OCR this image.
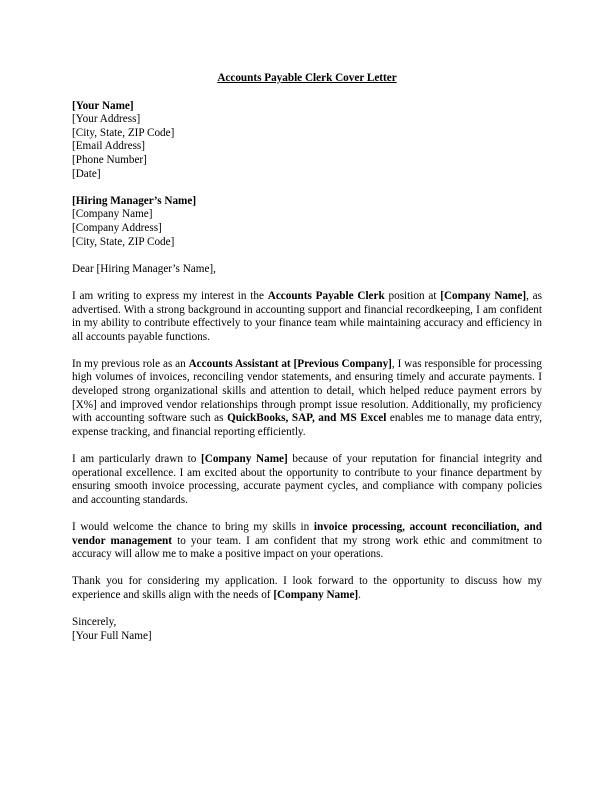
Accounts Payable Clerk Cover Letter
[Your Name]
[Your Address]
[City, State, ZIP Code]
[Email Address]
[Phone Number]
[Date]
[Hiring Manager’s Name]
[Company Name]
[Company Address]
[City, State, ZIP Code]

Dear [Hiring Manager’s Name],

I am writing to express my interest in the Accounts Payable Clerk position at [Company Name], as advertised. With a strong background in accounting support and financial recordkeeping, I am confident in my ability to contribute effectively to your finance team while maintaining accuracy and efficiency in all accounts payable functions.

In my previous role as an Accounts Assistant at [Previous Company], I was responsible for processing high volumes of invoices, reconciling vendor statements, and ensuring timely and accurate payments. I developed strong organizational skills and attention to detail, which helped reduce payment errors by [X%] and improved vendor relationships through prompt issue resolution. Additionally, my proficiency with accounting software such as QuickBooks, SAP, and MS Excel enables me to manage data entry, expense tracking, and financial reporting efficiently.

I am particularly drawn to [Company Name] because of your reputation for financial integrity and operational excellence. I am excited about the opportunity to contribute to your finance department by ensuring smooth invoice processing, accurate payment cycles, and compliance with company policies and accounting standards.

I would welcome the chance to bring my skills in invoice processing, account reconciliation, and vendor management to your team. I am confident that my strong work ethic and commitment to accuracy will allow me to make a positive impact on your operations.

Thank you for considering my application. I look forward to the opportunity to discuss how my experience and skills align with the needs of [Company Name].

Sincerely,
[Your Full Name]
